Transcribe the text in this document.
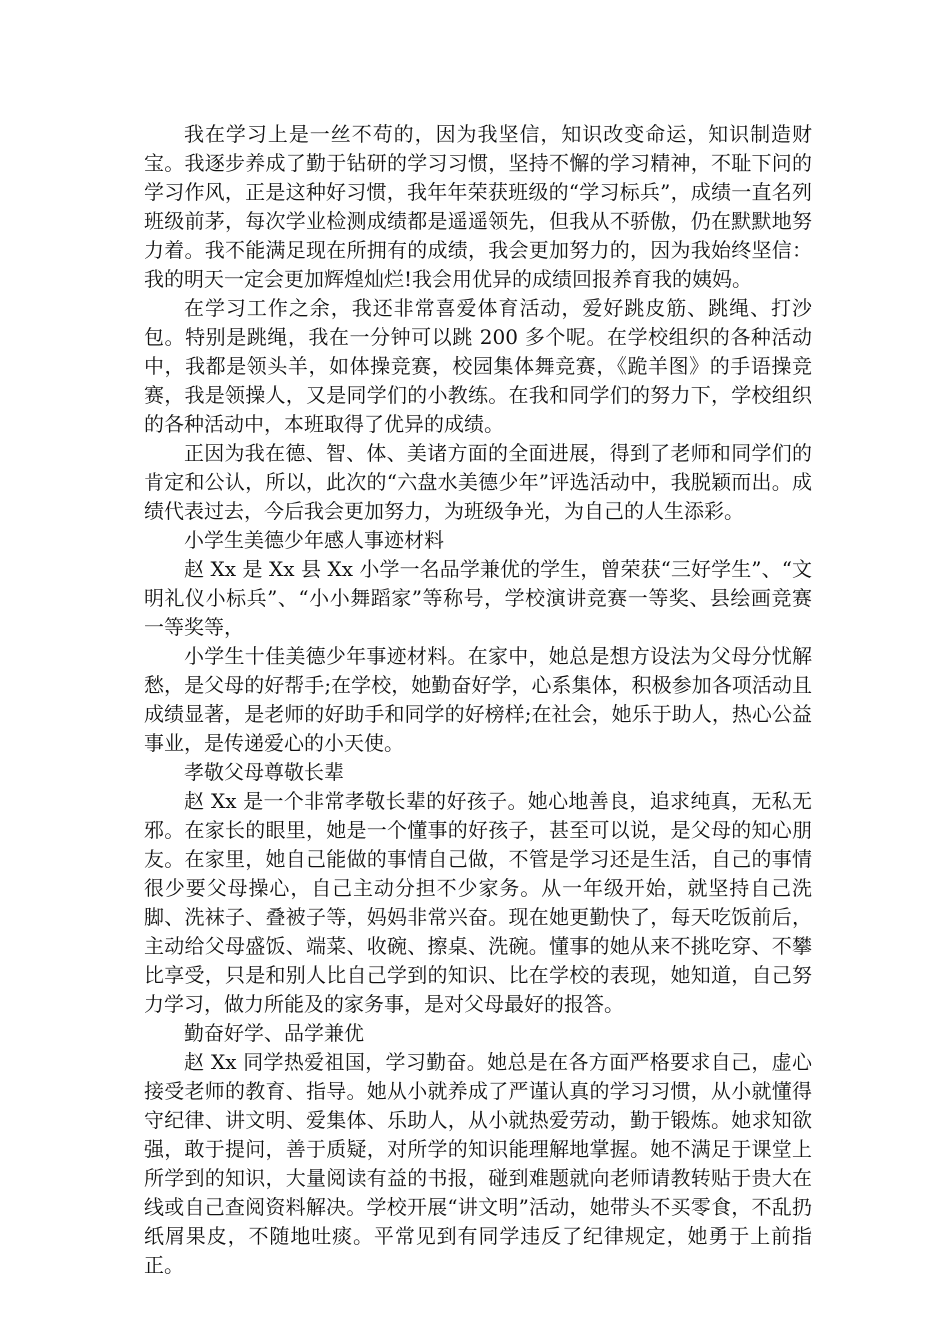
我在学习上是一丝不苟的，因为我坚信，知识改变命运，知识制造财宝。我逐步养成了勤于钻研的学习习惯，坚持不懈的学习精神，不耻下问的学习作风，正是这种好习惯，我年年荣获班级的“学习标兵”，成绩一直名列班级前茅，每次学业检测成绩都是遥遥领先，但我从不骄傲，仍在默默地努力着。我不能满足现在所拥有的成绩，我会更加努力的，因为我始终坚信：我的明天一定会更加辉煌灿烂!我会用优异的成绩回报养育我的姨妈。

在学习工作之余，我还非常喜爱体育活动，爱好跳皮筋、跳绳、打沙包。特别是跳绳，我在一分钟可以跳 200 多个呢。在学校组织的各种活动中，我都是领头羊，如体操竞赛，校园集体舞竞赛，《跪羊图》的手语操竞赛，我是领操人，又是同学们的小教练。在我和同学们的努力下，学校组织的各种活动中，本班取得了优异的成绩。

正因为我在德、智、体、美诸方面的全面进展，得到了老师和同学们的肯定和公认，所以，此次的“六盘水美德少年”评选活动中，我脱颖而出。成绩代表过去，今后我会更加努力，为班级争光，为自己的人生添彩。

小学生美德少年感人事迹材料

赵 Xx 是 Xx 县 Xx 小学一名品学兼优的学生，曾荣获“三好学生”、“文明礼仪小标兵”、“小小舞蹈家”等称号，学校演讲竞赛一等奖、县绘画竞赛一等奖等，

小学生十佳美德少年事迹材料。在家中，她总是想方设法为父母分忧解愁，是父母的好帮手;在学校，她勤奋好学，心系集体，积极参加各项活动且成绩显著，是老师的好助手和同学的好榜样;在社会，她乐于助人，热心公益事业，是传递爱心的小天使。

孝敬父母尊敬长辈

赵 Xx 是一个非常孝敬长辈的好孩子。她心地善良，追求纯真，无私无邪。在家长的眼里，她是一个懂事的好孩子，甚至可以说，是父母的知心朋友。在家里，她自己能做的事情自己做，不管是学习还是生活，自己的事情很少要父母操心，自己主动分担不少家务。从一年级开始，就坚持自己洗脚、洗袜子、叠被子等，妈妈非常兴奋。现在她更勤快了，每天吃饭前后，主动给父母盛饭、端菜、收碗、擦桌、洗碗。懂事的她从来不挑吃穿、不攀比享受，只是和别人比自己学到的知识、比在学校的表现，她知道，自己努力学习，做力所能及的家务事，是对父母最好的报答。

勤奋好学、品学兼优

赵 Xx 同学热爱祖国，学习勤奋。她总是在各方面严格要求自己，虚心接受老师的教育、指导。她从小就养成了严谨认真的学习习惯，从小就懂得守纪律、讲文明、爱集体、乐助人，从小就热爱劳动，勤于锻炼。她求知欲强，敢于提问，善于质疑，对所学的知识能理解地掌握。她不满足于课堂上所学到的知识，大量阅读有益的书报，碰到难题就向老师请教转贴于贵大在线或自己查阅资料解决。学校开展“讲文明”活动，她带头不买零食，不乱扔纸屑果皮，不随地吐痰。平常见到有同学违反了纪律规定，她勇于上前指正。
